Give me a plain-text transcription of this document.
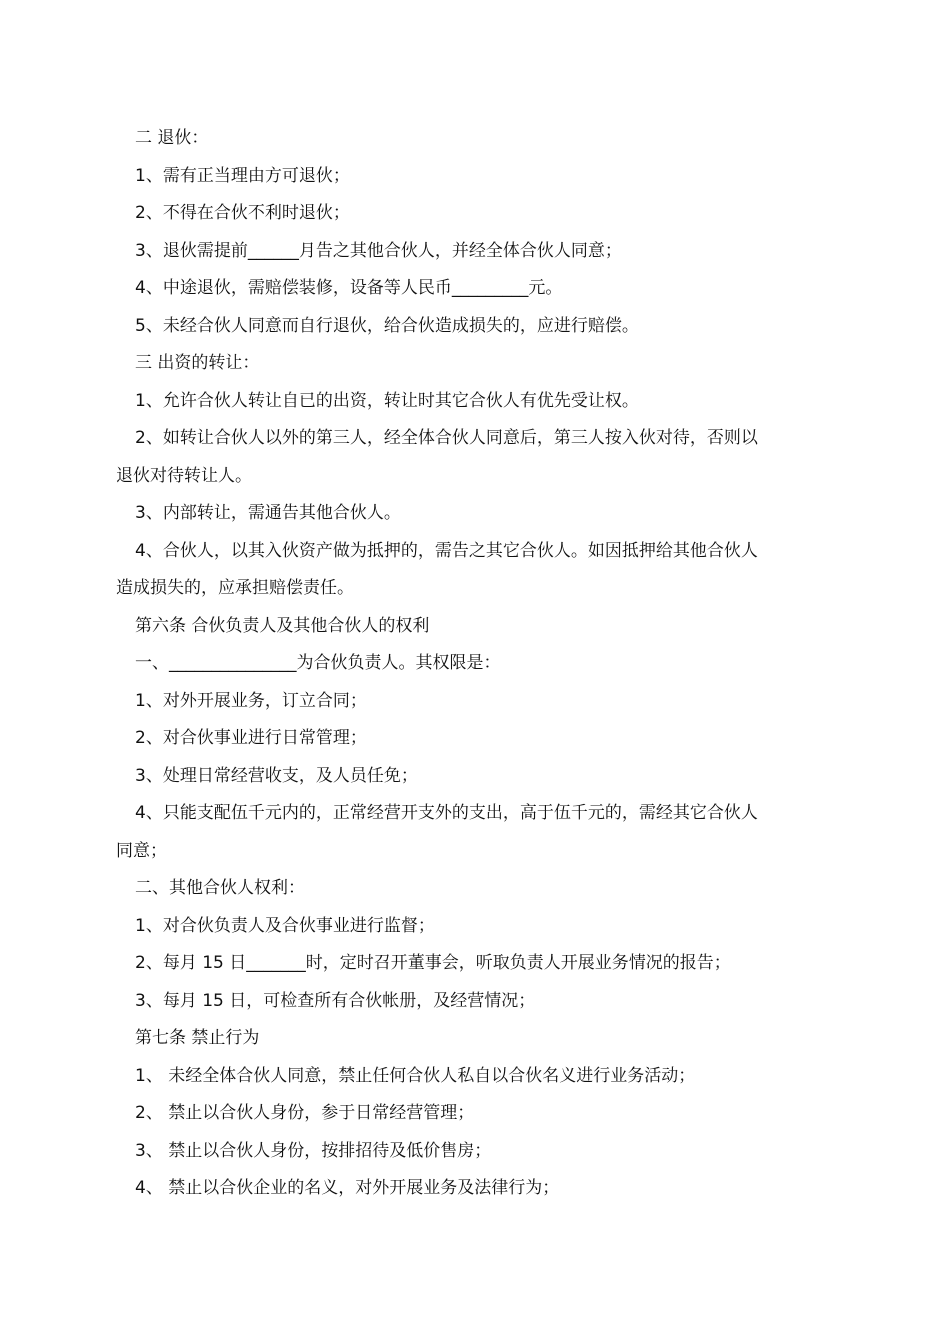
二 退伙：
1、需有正当理由方可退伙；
2、不得在合伙不利时退伙；
3、退伙需提前______月告之其他合伙人，并经全体合伙人同意；
4、中途退伙，需赔偿装修，设备等人民币_________元。
5、未经合伙人同意而自行退伙，给合伙造成损失的，应进行赔偿。
三 出资的转让：
1、允许合伙人转让自已的出资，转让时其它合伙人有优先受让权。
2、如转让合伙人以外的第三人，经全体合伙人同意后，第三人按入伙对待，否则以
退伙对待转让人。
3、内部转让，需通告其他合伙人。
4、合伙人，以其入伙资产做为抵押的，需告之其它合伙人。如因抵押给其他合伙人
造成损失的，应承担赔偿责任。
第六条 合伙负责人及其他合伙人的权利
一、_______________为合伙负责人。其权限是：
1、对外开展业务，订立合同；
2、对合伙事业进行日常管理；
3、处理日常经营收支，及人员任免；
4、只能支配伍千元内的，正常经营开支外的支出，高于伍千元的，需经其它合伙人
同意；
二、其他合伙人权利：
1、对合伙负责人及合伙事业进行监督；
2、每月 15 日_______时，定时召开董事会，听取负责人开展业务情况的报告；
3、每月 15 日，可检查所有合伙帐册，及经营情况；
第七条 禁止行为
1、 未经全体合伙人同意，禁止任何合伙人私自以合伙名义进行业务活动；
2、 禁止以合伙人身份，参于日常经营管理；
3、 禁止以合伙人身份，按排招待及低价售房；
4、 禁止以合伙企业的名义，对外开展业务及法律行为；
